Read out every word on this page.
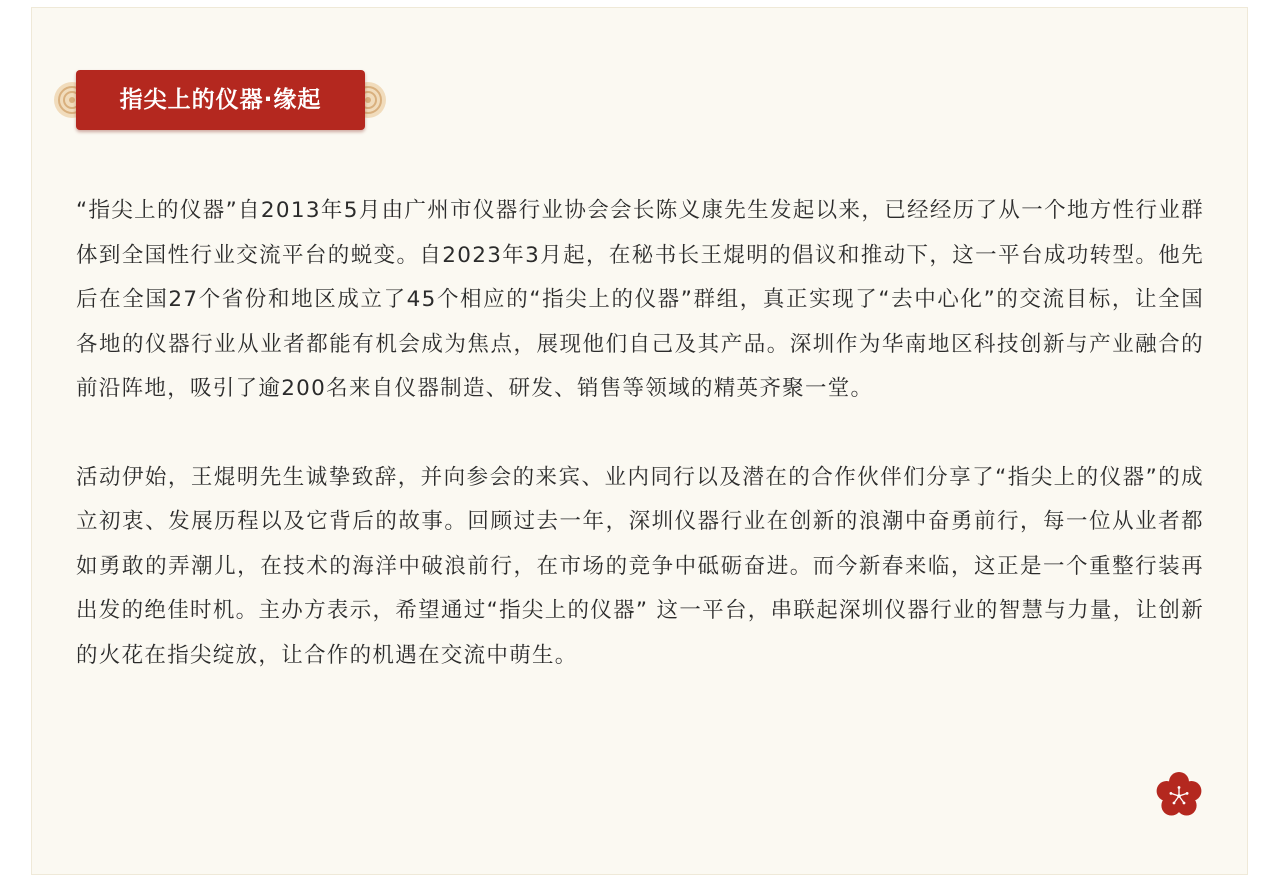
指尖上的仪器·缘起

“指尖上的仪器”自2013年5月由广州市仪器行业协会会长陈义康先生发起以来，已经经历了从一个地方性行业群体到全国性行业交流平台的蜕变。自2023年3月起，在秘书长王焜明的倡议和推动下，这一平台成功转型。他先后在全国27个省份和地区成立了45个相应的“指尖上的仪器”群组，真正实现了“去中心化”的交流目标，让全国各地的仪器行业从业者都能有机会成为焦点，展现他们自己及其产品。深圳作为华南地区科技创新与产业融合的前沿阵地，吸引了逾200名来自仪器制造、研发、销售等领域的精英齐聚一堂。

活动伊始，王焜明先生诚挚致辞，并向参会的来宾、业内同行以及潜在的合作伙伴们分享了“指尖上的仪器”的成立初衷、发展历程以及它背后的故事。回顾过去一年，深圳仪器行业在创新的浪潮中奋勇前行，每一位从业者都如勇敢的弄潮儿，在技术的海洋中破浪前行，在市场的竞争中砥砺奋进。而今新春来临，这正是一个重整行装再出发的绝佳时机。主办方表示，希望通过“指尖上的仪器” 这一平台，串联起深圳仪器行业的智慧与力量，让创新的火花在指尖绽放，让合作的机遇在交流中萌生。
